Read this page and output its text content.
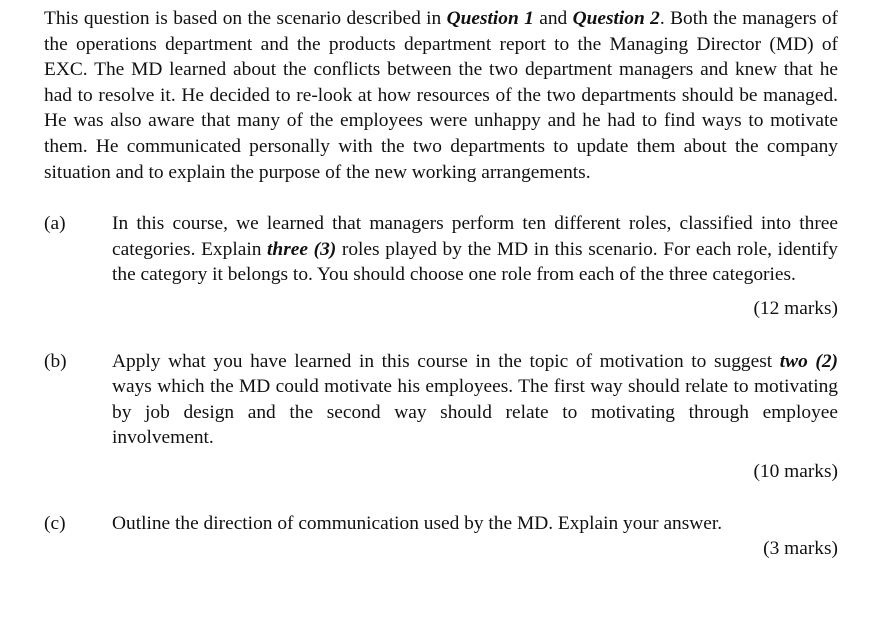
This question is based on the scenario described in Question 1 and Question 2. Both the managers of the operations department and the products department report to the Managing Director (MD) of EXC. The MD learned about the conflicts between the two department managers and knew that he had to resolve it. He decided to re-look at how resources of the two departments should be managed. He was also aware that many of the employees were unhappy and he had to find ways to motivate them. He communicated personally with the two departments to update them about the company situation and to explain the purpose of the new working arrangements.

(a) In this course, we learned that managers perform ten different roles, classified into three categories. Explain three (3) roles played by the MD in this scenario. For each role, identify the category it belongs to. You should choose one role from each of the three categories.
(12 marks)
(b) Apply what you have learned in this course in the topic of motivation to suggest two (2) ways which the MD could motivate his employees. The first way should relate to motivating by job design and the second way should relate to motivating through employee involvement.
(10 marks)
(c) Outline the direction of communication used by the MD. Explain your answer.
(3 marks)
